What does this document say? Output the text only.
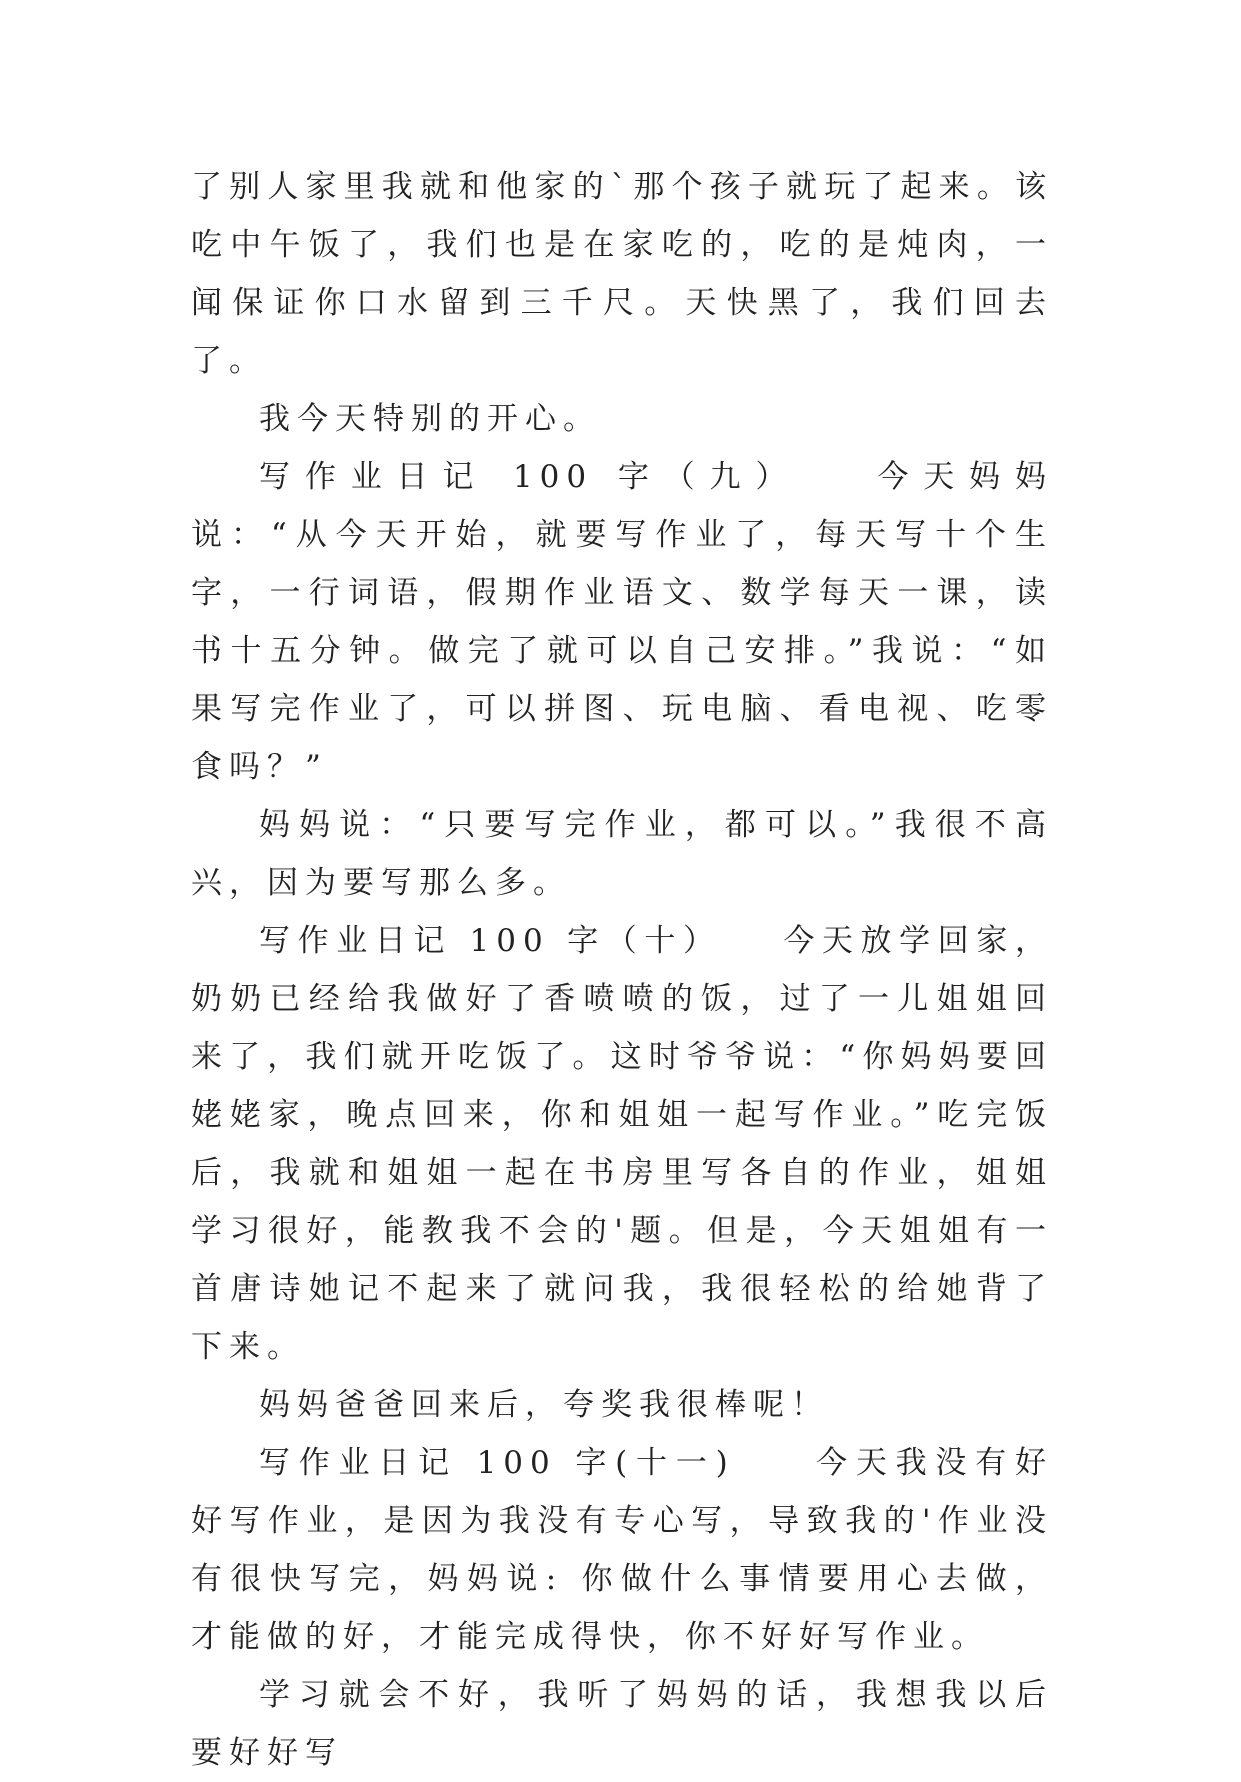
了别人家里我就和他家的`那个孩子就玩了起来。该吃中午饭了，我们也是在家吃的，吃的是炖肉，一闻保证你口水留到三千尺。天快黑了，我们回去了。

我今天特别的开心。

写作业日记 100 字（九）　　今天妈妈说：“从今天开始，就要写作业了，每天写十个生字，一行词语，假期作业语文、数学每天一课，读书十五分钟。做完了就可以自己安排。”我说：“如果写完作业了，可以拼图、玩电脑、看电视、吃零食吗？”

妈妈说：“只要写完作业，都可以。”我很不高兴，因为要写那么多。

写作业日记 100 字（十）　　今天放学回家，奶奶已经给我做好了香喷喷的饭，过了一儿姐姐回来了，我们就开吃饭了。这时爷爷说：“你妈妈要回姥姥家，晚点回来，你和姐姐一起写作业。”吃完饭后，我就和姐姐一起在书房里写各自的作业，姐姐学习很好，能教我不会的'题。但是，今天姐姐有一首唐诗她记不起来了就问我，我很轻松的给她背了下来。

妈妈爸爸回来后，夸奖我很棒呢！

写作业日记 100 字(十一)　　今天我没有好好写作业，是因为我没有专心写，导致我的'作业没有很快写完，妈妈说: 你做什么事情要用心去做，才能做的好，才能完成得快，你不好好写作业。

学习就会不好，我听了妈妈的话，我想我以后要好好写
